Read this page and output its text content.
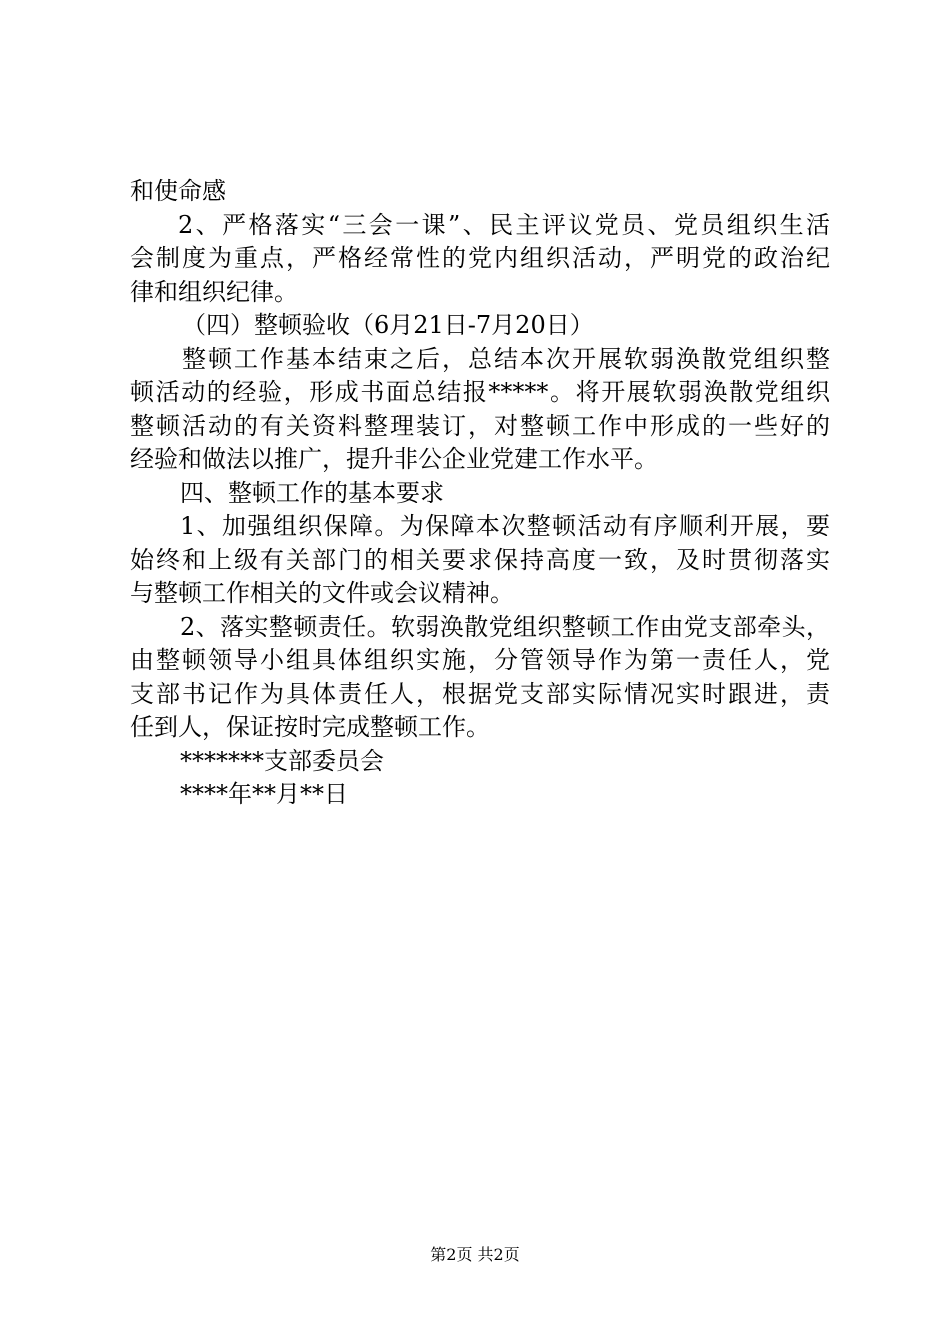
和使命感
2、严格落实“三会一课”、民主评议党员、党员组织生活
会制度为重点，严格经常性的党内组织活动，严明党的政治纪
律和组织纪律。
（四）整顿验收（6月21日-7月20日）
整顿工作基本结束之后，总结本次开展软弱涣散党组织整
顿活动的经验，形成书面总结报*****。将开展软弱涣散党组织
整顿活动的有关资料整理装订，对整顿工作中形成的一些好的
经验和做法以推广，提升非公企业党建工作水平。
四、整顿工作的基本要求
1、加强组织保障。为保障本次整顿活动有序顺利开展，要
始终和上级有关部门的相关要求保持高度一致，及时贯彻落实
与整顿工作相关的文件或会议精神。
2、落实整顿责任。软弱涣散党组织整顿工作由党支部牵头，
由整顿领导小组具体组织实施，分管领导作为第一责任人，党
支部书记作为具体责任人，根据党支部实际情况实时跟进，责
任到人，保证按时完成整顿工作。
*******支部委员会
****年**月**日
第2页 共2页
